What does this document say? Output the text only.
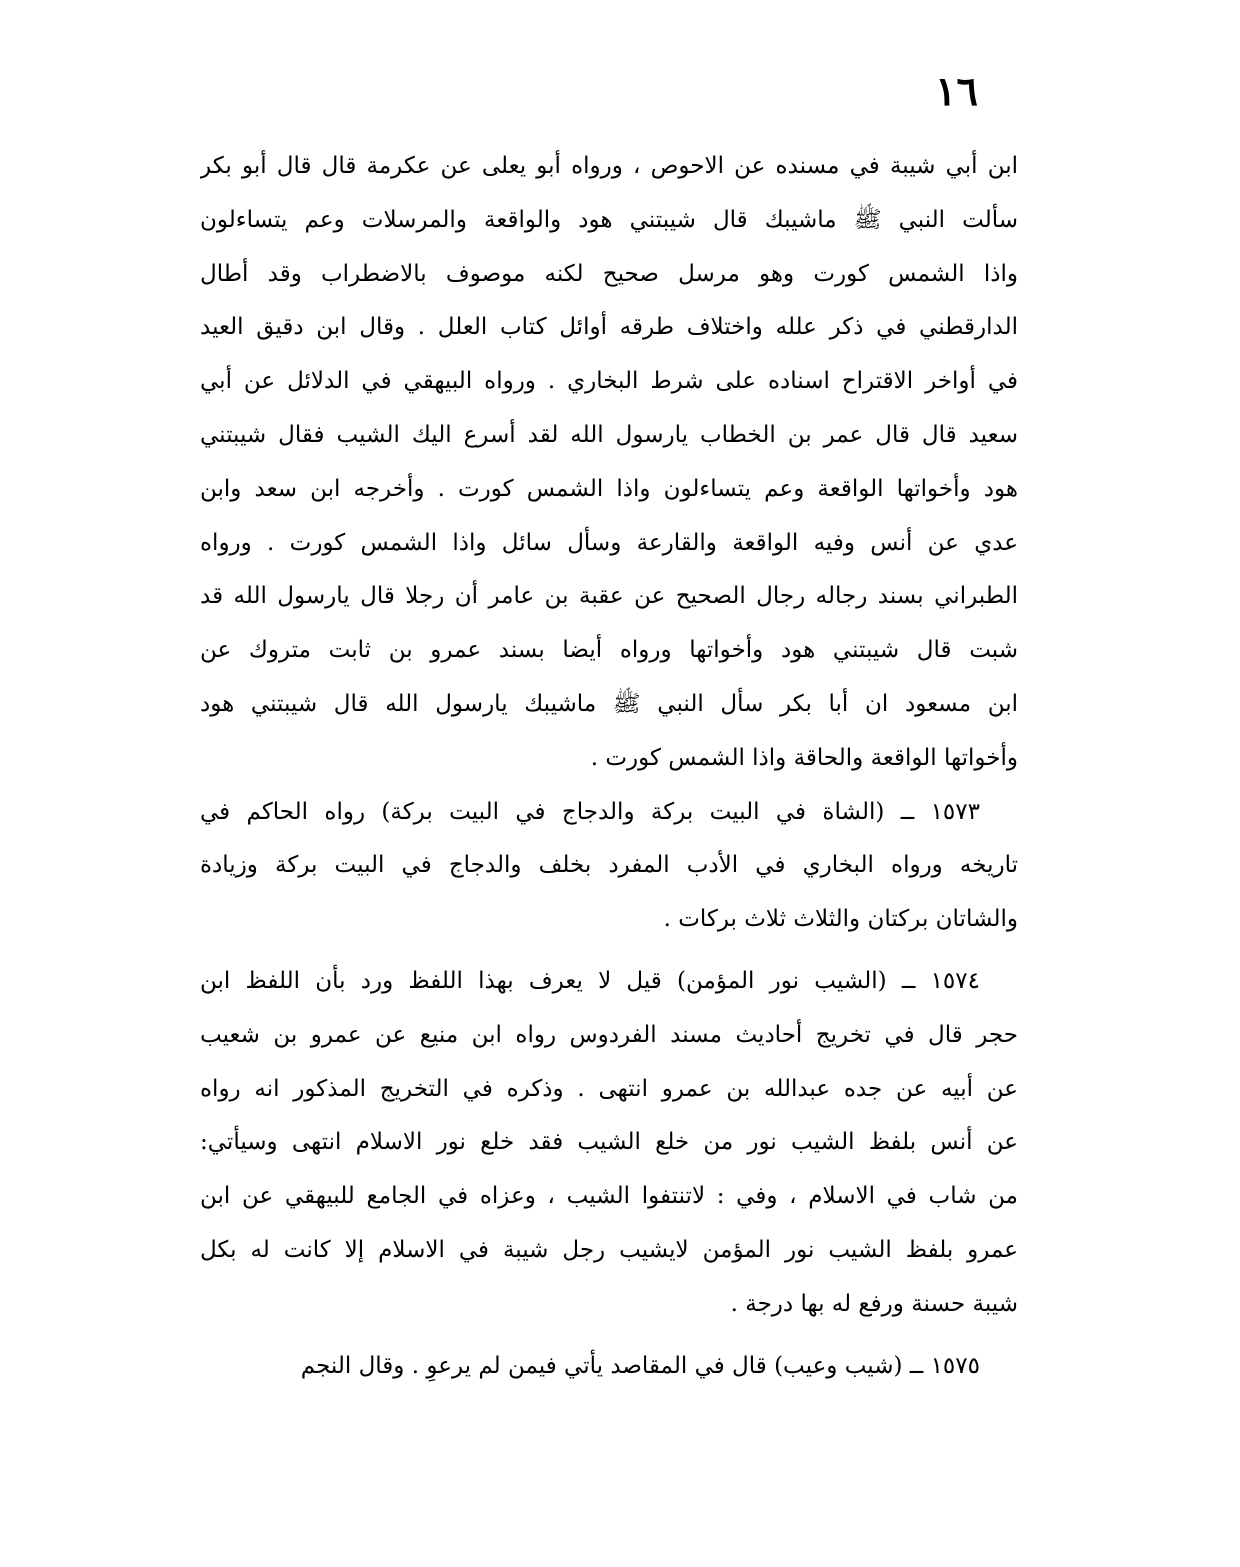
١٦
ابن أبي شيبة في مسنده عن الاحوص ، ورواه أبو يعلى عن عكرمة قال قال أبو بكر
سألت النبي ﷺ ماشيبك قال شيبتني هود والواقعة والمرسلات وعم يتساءلون
واذا الشمس كورت وهو مرسل صحيح لكنه موصوف بالاضطراب وقد أطال
الدارقطني في ذكر علله واختلاف طرقه أوائل كتاب العلل . وقال ابن دقيق العيد
في أواخر الاقتراح اسناده على شرط البخاري . ورواه البيهقي في الدلائل عن أبي
سعيد قال قال عمر بن الخطاب يارسول الله لقد أسرع اليك الشيب فقال شيبتني
هود وأخواتها الواقعة وعم يتساءلون واذا الشمس كورت . وأخرجه ابن سعد وابن
عدي عن أنس وفيه الواقعة والقارعة وسأل سائل واذا الشمس كورت . ورواه
الطبراني بسند رجاله رجال الصحيح عن عقبة بن عامر أن رجلا قال يارسول الله قد
شبت قال شيبتني هود وأخواتها ورواه أيضا بسند عمرو بن ثابت متروك عن
ابن مسعود ان أبا بكر سأل النبي ﷺ ماشيبك يارسول الله قال شيبتني هود
وأخواتها الواقعة والحاقة واذا الشمس كورت .
١٥٧٣ ــ (الشاة في البيت بركة والدجاج في البيت بركة) رواه الحاكم في
تاريخه ورواه البخاري في الأدب المفرد بخلف والدجاج في البيت بركة وزيادة
والشاتان بركتان والثلاث ثلاث بركات .
١٥٧٤ ــ (الشيب نور المؤمن) قيل لا يعرف بهذا اللفظ ورد بأن اللفظ ابن
حجر قال في تخريج أحاديث مسند الفردوس رواه ابن منيع عن عمرو بن شعيب
عن أبيه عن جده عبدالله بن عمرو انتهى . وذكره في التخريج المذكور انه رواه
عن أنس بلفظ الشيب نور من خلع الشيب فقد خلع نور الاسلام انتهى وسيأتي:
من شاب في الاسلام ، وفي : لاتنتفوا الشيب ، وعزاه في الجامع للبيهقي عن ابن
عمرو بلفظ الشيب نور المؤمن لايشيب رجل شيبة في الاسلام إلا كانت له بكل
شيبة حسنة ورفع له بها درجة .
١٥٧٥ ــ (شيب وعيب) قال في المقاصد يأتي فيمن لم يرعوِ . وقال النجم
